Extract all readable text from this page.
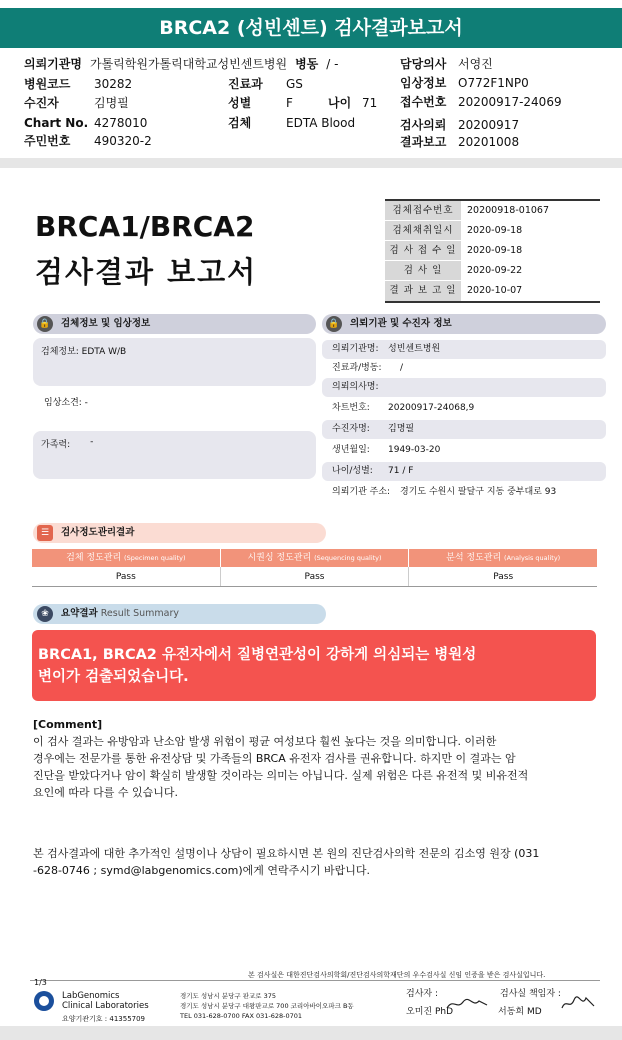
BRCA2 (성빈센트) 검사결과보고서
의뢰기관명 가톨릭학원가톨릭대학교성빈센트병원 병동 / -
병원코드	30282	진료과 GS
수진자	김명필	성별	F	나이 71
Chart No. 4278010	검체	EDTA Blood
주민번호 490320-2
담당의사 서영진
임상정보 O772F1NP0
접수번호 20200917-24069
검사의뢰 20200917
결과보고 20201008
BRCA1/BRCA2
검사결과 보고서
검체접수번호	20200918-01067
검체채취일시	2020-09-18
검 사 접 수 일	2020-09-18
검 사 일	2020-09-22
결 과 보 고 일	2020-10-07
🔒 검체정보 및 임상정보
검체정보: EDTA W/B
임상소견: -
가족력: -
🔒 의뢰기관 및 수진자 정보
의뢰기관명:	성빈센트병원
진료과/병동:	/
의뢰의사명:
차트번호:	20200917-24068,9
수진자명:	김명필
생년월일:	1949-03-20
나이/성별:	71 / F
의뢰기관 주소:	경기도 수원시 팔달구 지동 중부대로 93
☰	검사정도관리결과
검체 정도관리 (Specimen quality)	시퀀싱 정도관리 (Sequencing quality)	분석 정도관리 (Analysis quality)
Pass	Pass	Pass
❀	요약결과 Result Summary
BRCA1, BRCA2 유전자에서 질병연관성이 강하게 의심되는 병원성
변이가 검출되었습니다.
[Comment]
이 검사 결과는 유방암과 난소암 발생 위험이 평균 여성보다 훨씬 높다는 것을 의미합니다. 이러한
경우에는 전문가를 통한 유전상담 및 가족들의 BRCA 유전자 검사를 권유합니다. 하지만 이 결과는 암
진단을 받았다거나 암이 확실히 발생할 것이라는 의미는 아닙니다. 실제 위험은 다른 유전적 및 비유전적
요인에 따라 다를 수 있습니다.
본 검사결과에 대한 추가적인 설명이나 상담이 필요하시면 본 원의 진단검사의학 전문의 김소영 원장 (031
-628-0746 ; symd@labgenomics.com)에게 연락주시기 바랍니다.
본 검사실은 대한진단검사의학회/진단검사의학재단의 우수검사실 신임 인증을 받은 검사실입니다.
1/3
LabGenomics
Clinical Laboratories
요양기관기호 : 41355709
경기도 성남시 분당구 판교로 375
경기도 성남시 분당구 대왕판교로 700 코리아바이오파크 B동
TEL 031-628-0700 FAX 031-628-0701
검사자 :
오미진 PhD
검사실 책임자 :
서동희 MD
